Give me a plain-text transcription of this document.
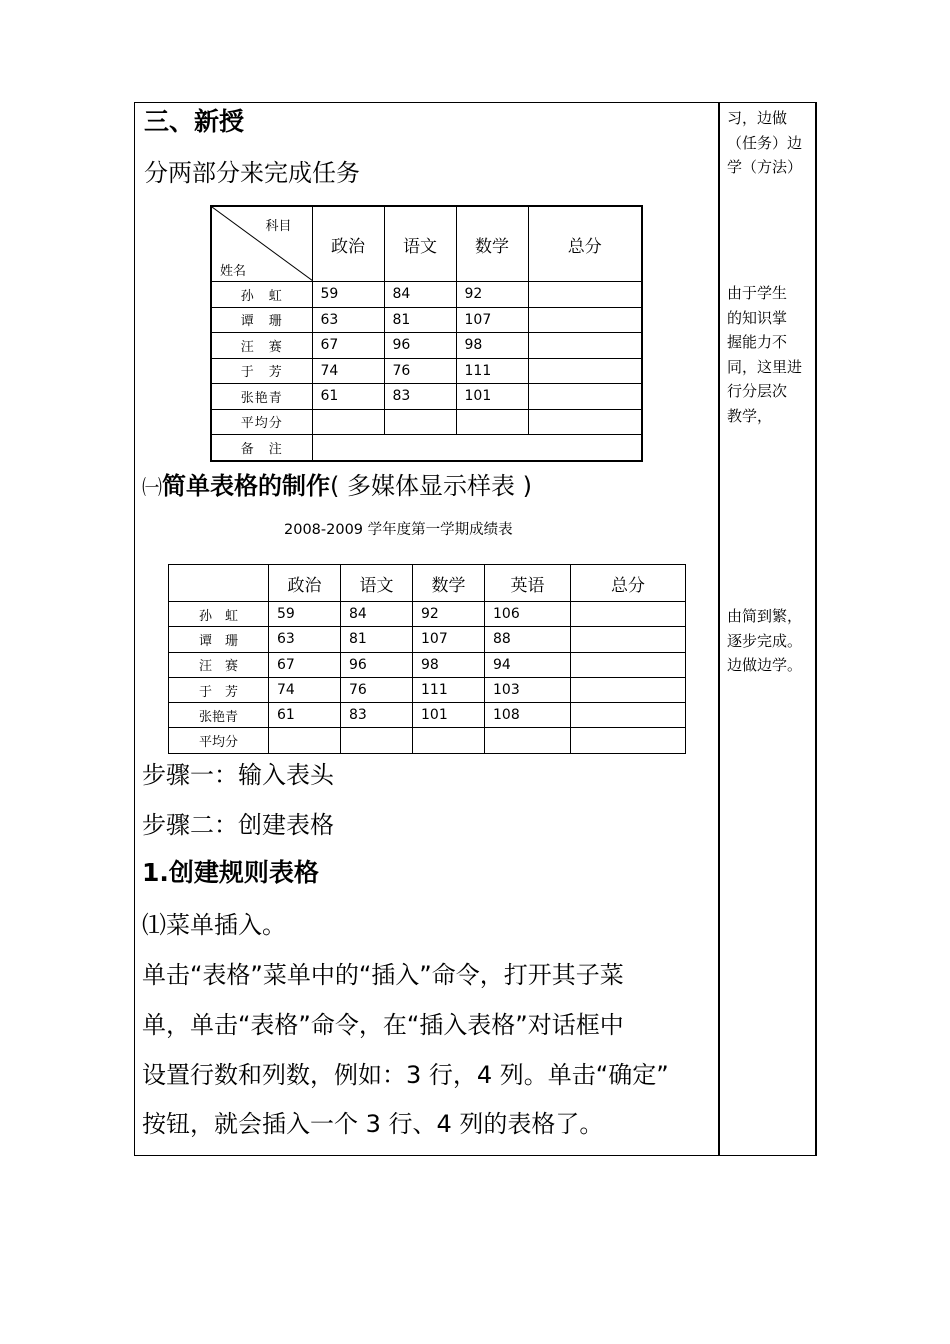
三、新授
分两部分来完成任务
科目
姓名	政治	语文	数学	总分
孙　虹	59	84	92	
谭　珊	63	81	107	
汪　赛	67	96	98	
于　芳	74	76	111	
张艳青	61	83	101	
平均分				
备　注				
㈠简单表格的制作( 多媒体显示样表 )
2008-2009 学年度第一学期成绩表
	政治	语文	数学	英语	总分
孙　虹	59	84	92	106	
谭　珊	63	81	107	88	
汪　赛	67	96	98	94	
于　芳	74	76	111	103	
张艳青	61	83	101	108	
平均分					
步骤一：输入表头
步骤二：创建表格
1.创建规则表格
⑴菜单插入。
单击“表格”菜单中的“插入”命令，打开其子菜
单，单击“表格”命令，在“插入表格”对话框中
设置行数和列数，例如：3 行，4 列。单击“确定”
按钮，就会插入一个 3 行、4 列的表格了。
习，边做
（任务）边
学（方法）
由于学生
的知识掌
握能力不
同，这里进
行分层次
教学，
由简到繁，
逐步完成。
边做边学。
